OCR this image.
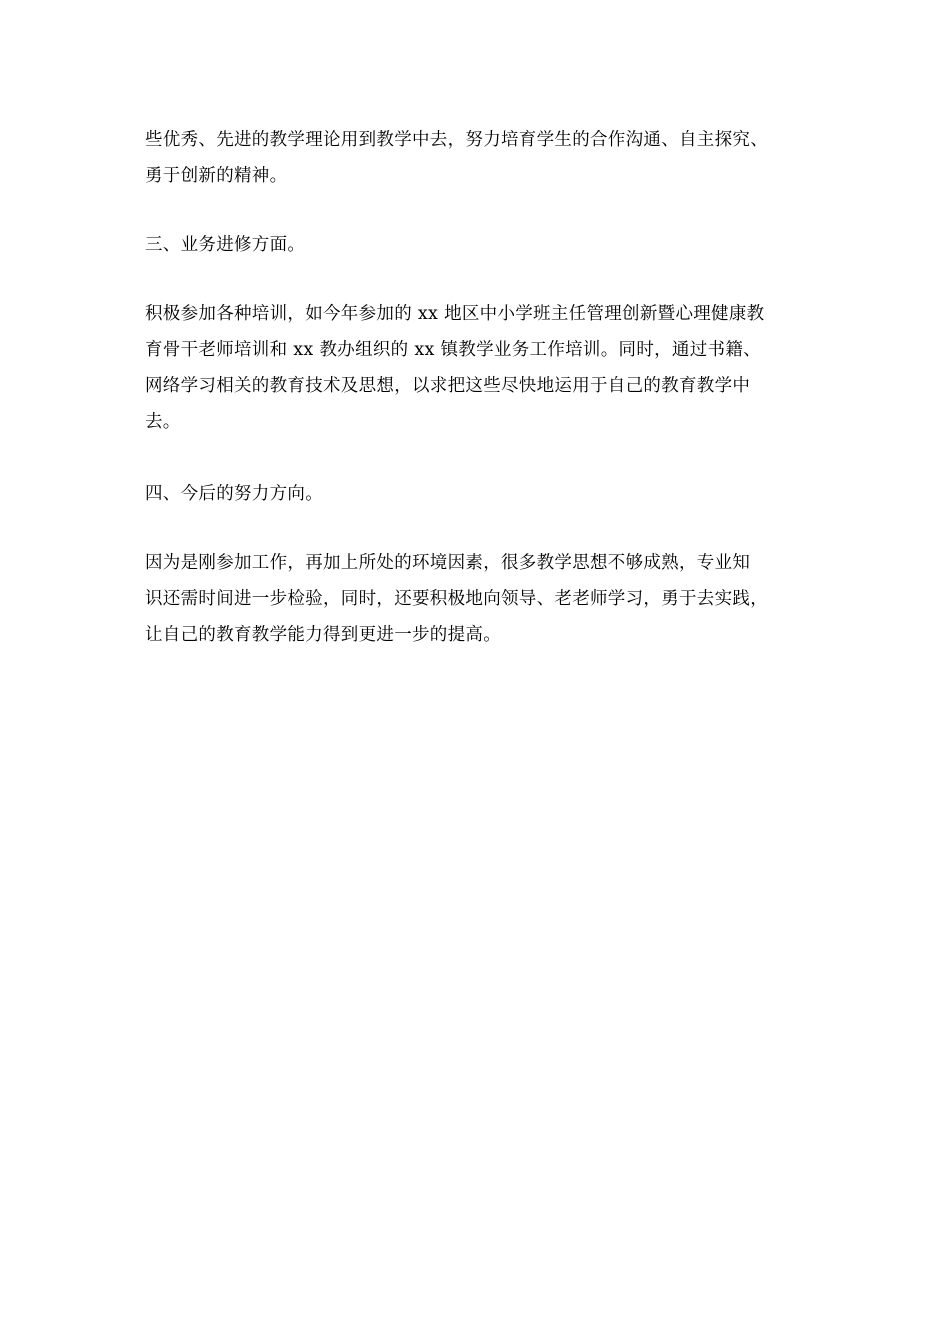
些优秀、先进的教学理论用到教学中去，努力培育学生的合作沟通、自主探究、
勇于创新的精神。
三、业务进修方面。
积极参加各种培训，如今年参加的 xx 地区中小学班主任管理创新暨心理健康教
育骨干老师培训和 xx 教办组织的 xx 镇教学业务工作培训。同时，通过书籍、
网络学习相关的教育技术及思想，以求把这些尽快地运用于自己的教育教学中
去。
四、今后的努力方向。
因为是刚参加工作，再加上所处的环境因素，很多教学思想不够成熟，专业知
识还需时间进一步检验，同时，还要积极地向领导、老老师学习，勇于去实践，
让自己的教育教学能力得到更进一步的提高。
